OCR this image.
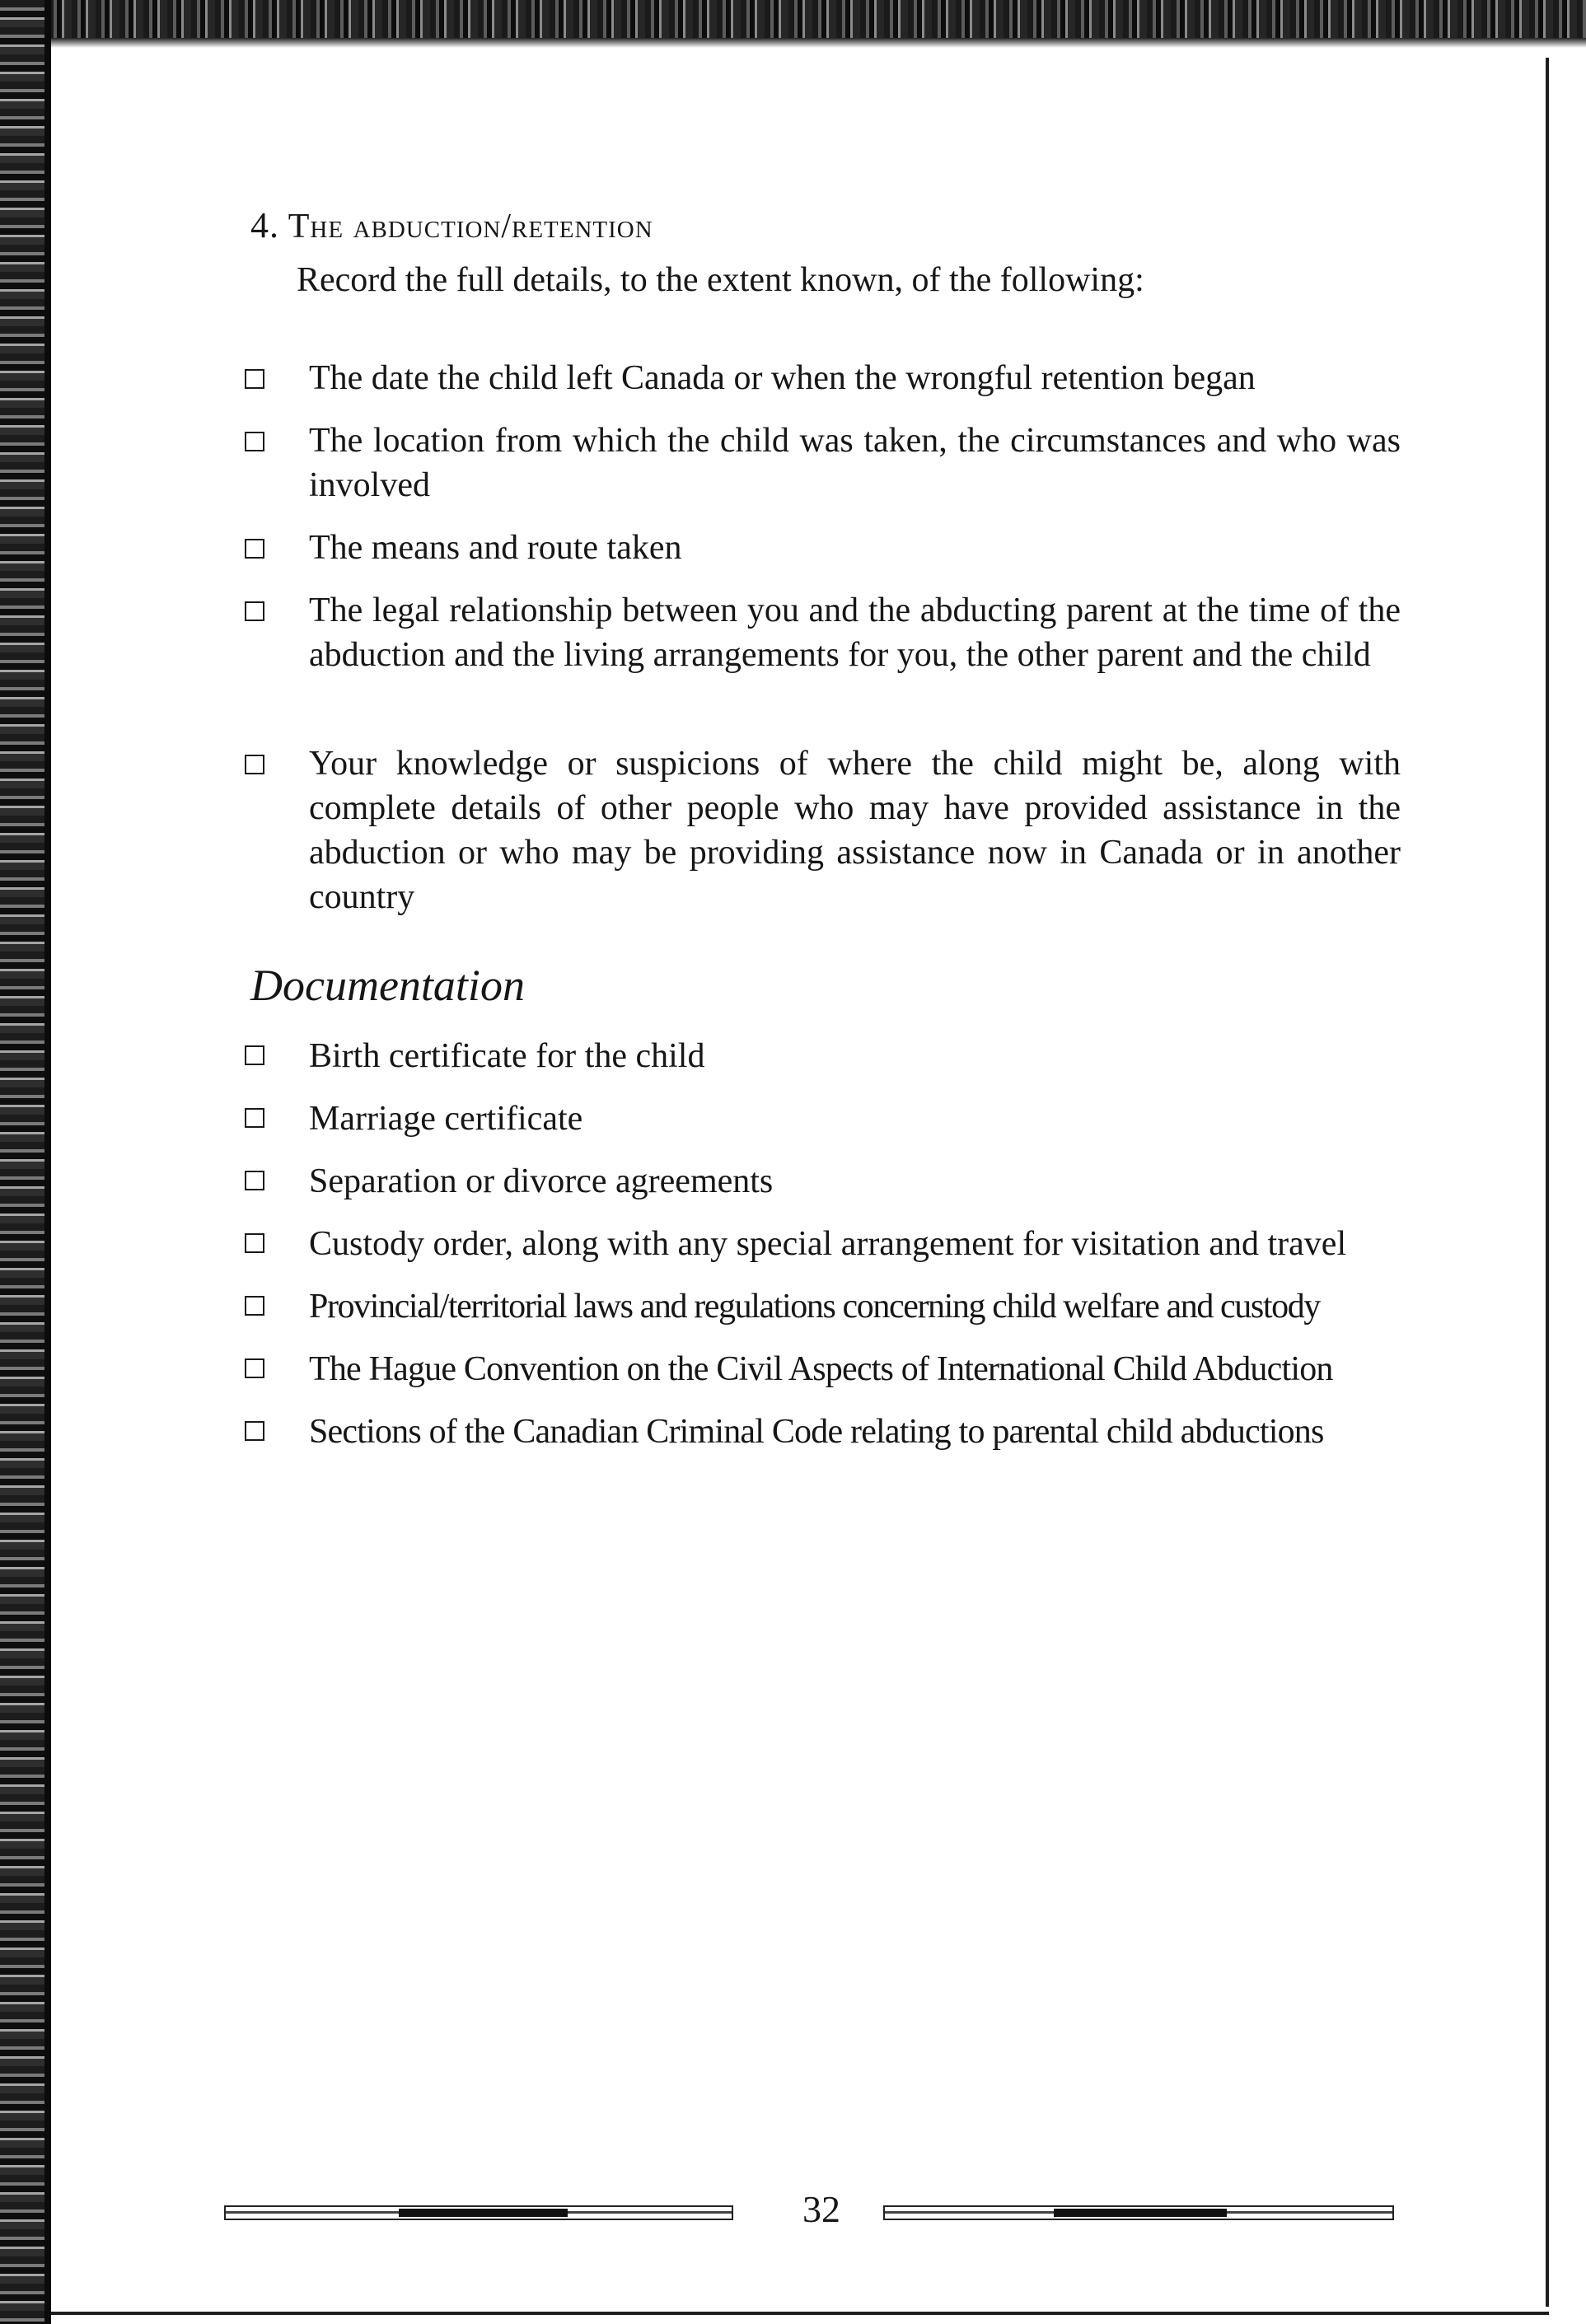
4. The abduction/retention
Record the full details, to the extent known, of the following:
The date the child left Canada or when the wrongful retention began
The location from which the child was taken, the circumstances and who was involved
The means and route taken
The legal relationship between you and the abducting parent at the time of the abduction and the living arrangements for you, the other parent and the child
Your knowledge or suspicions of where the child might be, along with complete details of other people who may have provided assistance in the abduction or who may be providing assistance now in Canada or in another country
Documentation
Birth certificate for the child
Marriage certificate
Separation or divorce agreements
Custody order, along with any special arrangement for visitation and travel
Provincial/territorial laws and regulations concerning child welfare and custody
The Hague Convention on the Civil Aspects of International Child Abduction
Sections of the Canadian Criminal Code relating to parental child abductions
32
